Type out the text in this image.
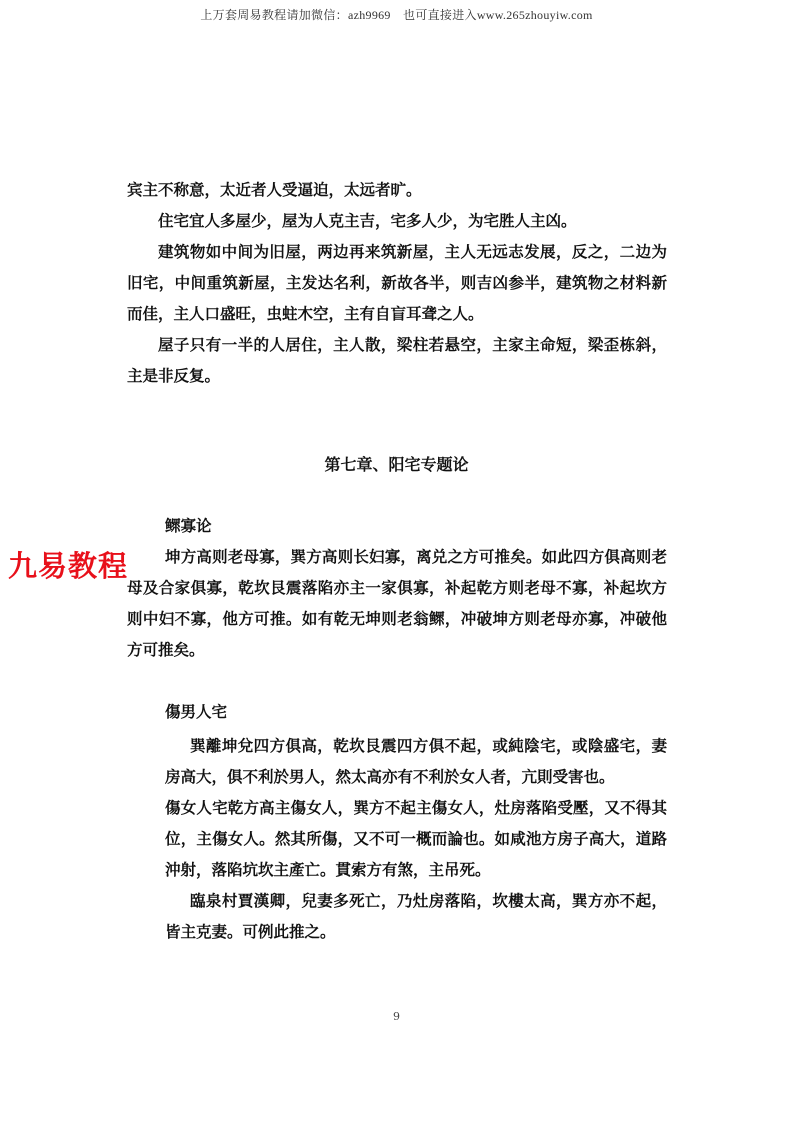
上万套周易教程请加微信：azh9969　也可直接进入www.265zhouyiw.com

宾主不称意，太近者人受逼迫，太远者旷。

住宅宜人多屋少，屋为人克主吉，宅多人少，为宅胜人主凶。

建筑物如中间为旧屋，两边再来筑新屋，主人无远志发展，反之，二边为旧宅，中间重筑新屋，主发达名利，新故各半，则吉凶参半，建筑物之材料新而佳，主人口盛旺，虫蛀木空，主有自盲耳聋之人。

屋子只有一半的人居住，主人散，梁柱若悬空，主家主命短，梁歪栋斜，主是非反复。

第七章、阳宅专题论
鳏寡论

坤方高则老母寡，巽方高则长妇寡，离兑之方可推矣。如此四方俱高则老母及合家俱寡，乾坎艮震落陷亦主一家俱寡，补起乾方则老母不寡，补起坎方则中妇不寡，他方可推。如有乾无坤则老翁鳏，冲破坤方则老母亦寡，冲破他方可推矣。

九易教程
傷男人宅

巽離坤兌四方俱高，乾坎艮震四方俱不起，或純陰宅，或陰盛宅，妻房高大，俱不利於男人，然太高亦有不利於女人者，亢則受害也。

傷女人宅乾方高主傷女人，巽方不起主傷女人，灶房落陷受壓，又不得其位，主傷女人。然其所傷，又不可一概而論也。如咸池方房子高大，道路沖射，落陷坑坎主產亡。貫索方有煞，主吊死。

臨泉村賈漢卿，兒妻多死亡，乃灶房落陷，坎樓太高，巽方亦不起，皆主克妻。可例此推之。

9
